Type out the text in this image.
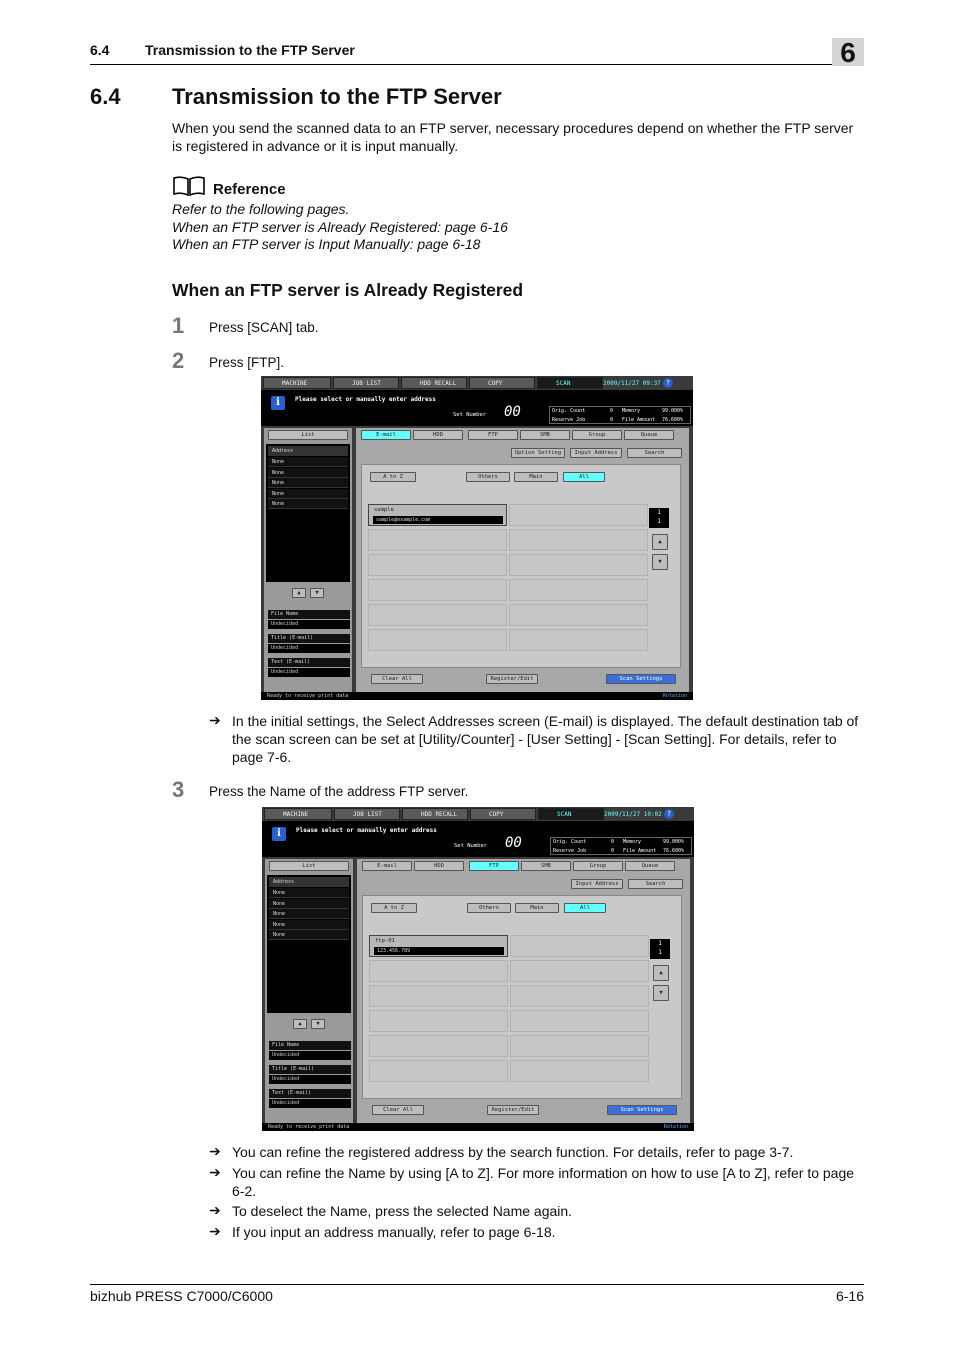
6.4	Transmission to the FTP Server	6
6.4 Transmission to the FTP Server
When you send the scanned data to an FTP server, necessary procedures depend on whether the FTP server is registered in advance or it is input manually.
Reference
Refer to the following pages.
When an FTP server is Already Registered: page 6-16
When an FTP server is Input Manually: page 6-18
When an FTP server is Already Registered
1 Press [SCAN] tab.
2 Press [FTP].
MACHINE	JOB LIST	HDD RECALL	COPY	SCAN	2009/11/27 09:37 ?
i	Please select or manually enter address
Set Number 00	Orig. Count	0 Memory	99.000%
Reserve Job	0 File Amount 76.600%
List
Address
None
None
None
None
None
▲	▼
File Name
Undecided
Title (E-mail)
Undecided
Text (E-mail)
Undecided
E-mail	HDD	FTP	SMB	Group	Queue
Option Setting	Input Address	Search
A to Z	Others	Main	All
sample
sample@example.com
1
1
▲
▼
Clear All	Register/Edit	Scan Settings
Ready to receive print data	Rotation
➔ In the initial settings, the Select Addresses screen (E-mail) is displayed. The default destination tab of the scan screen can be set at [Utility/Counter] - [User Setting] - [Scan Setting]. For details, refer to page 7-6.
3 Press the Name of the address FTP server.
MACHINE	JOB LIST	HDD RECALL	COPY	SCAN	2009/11/27 10:02 ?
i	Please select or manually enter address
Set Number 00	Orig. Count	0 Memory	99.000%
Reserve Job	0 File Amount 76.600%
List
Address
None
None
None
None
None
▲	▼
File Name
Undecided
Title (E-mail)
Undecided
Text (E-mail)
Undecided
E-mail	HDD	FTP	SMB	Group	Queue
Input Address	Search
A to Z	Others	Main	All
ftp-01
123.456.789
1
1
▲
▼
Clear All	Register/Edit	Scan Settings
Ready to receive print data	Rotation
➔ You can refine the registered address by the search function. For details, refer to page 3-7.
➔ You can refine the Name by using [A to Z]. For more information on how to use [A to Z], refer to page 6-2.
➔ To deselect the Name, press the selected Name again.
➔ If you input an address manually, refer to page 6-18.
bizhub PRESS C7000/C6000	6-16
